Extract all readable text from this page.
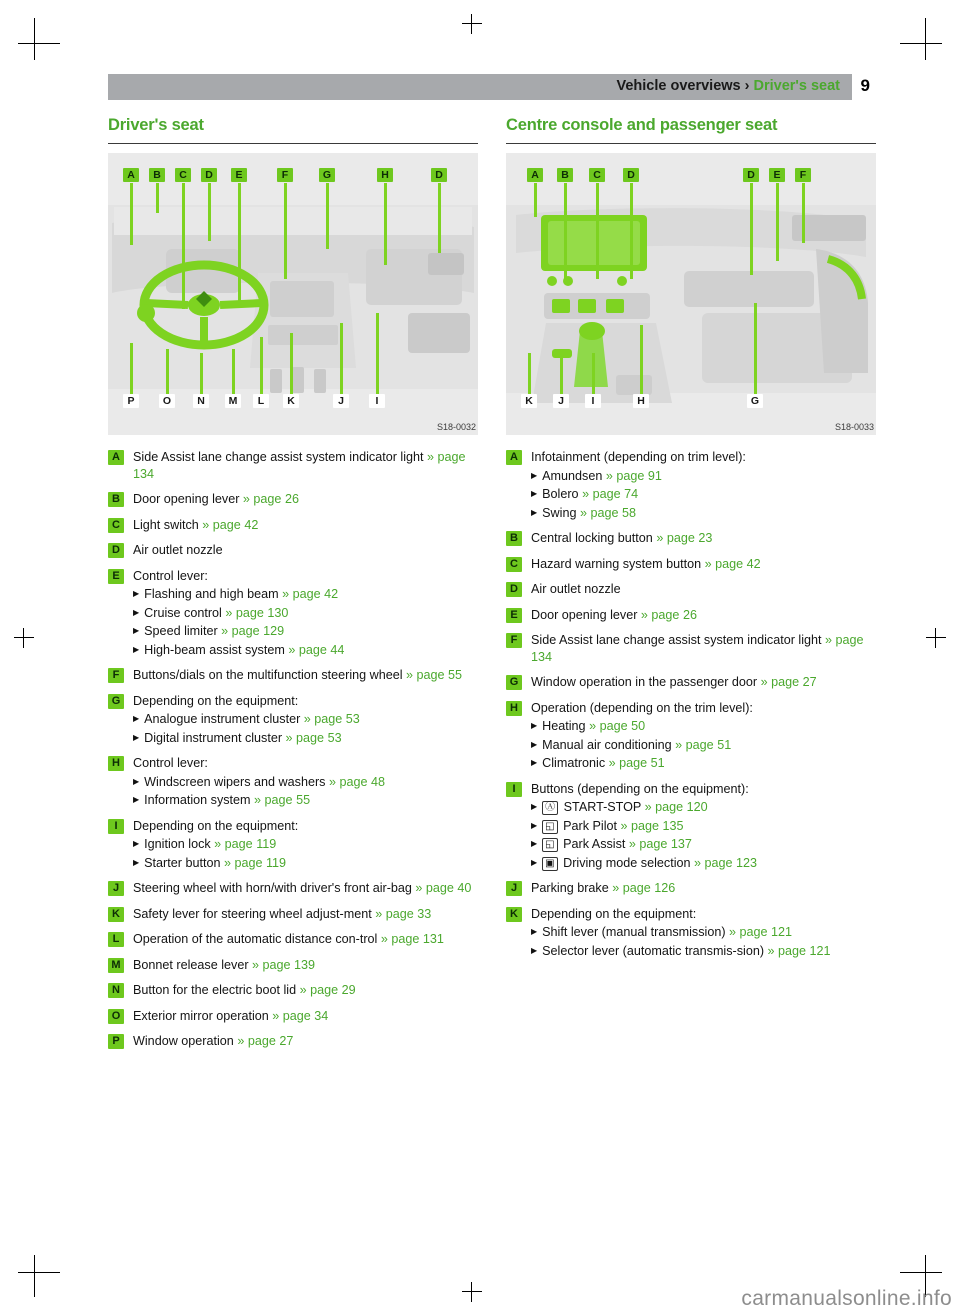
Vehicle overviews › Driver's seat 9
Driver's seat
A	B	C	D	E	F	G	H	D
P	O	N	M	L	K	J	I
S18-0032
A	Side Assist lane change assist system indicator light » page 134
B	Door opening lever » page 26
C	Light switch » page 42
D	Air outlet nozzle
E	Control lever:
▶ Flashing and high beam » page 42
▶ Cruise control » page 130
▶ Speed limiter » page 129
▶ High-beam assist system » page 44
F	Buttons/dials on the multifunction steering wheel » page 55
G Depending on the equipment:
▶ Analogue instrument cluster » page 53
▶ Digital instrument cluster » page 53
H	Control lever:
▶ Windscreen wipers and washers » page 48
▶ Information system » page 55
I	Depending on the equipment:
▶ Ignition lock » page 119
▶ Starter button » page 119
J	Steering wheel with horn/with driver's front air-bag » page 40
K	Safety lever for steering wheel adjust-ment » page 33
L	Operation of the automatic distance con-trol » page 131
M Bonnet release lever » page 139
N	Button for the electric boot lid » page 29
O Exterior mirror operation » page 34
P	Window operation » page 27
Centre console and passenger seat
A	B	C	D	D	E	F
K	J	I	H	G
S18-0033
A	Infotainment (depending on trim level):
▶ Amundsen » page 91
▶ Bolero » page 74
▶ Swing » page 58
B	Central locking button » page 23
C	Hazard warning system button » page 42
D	Air outlet nozzle
E	Door opening lever » page 26
F	Side Assist lane change assist system indicator light » page 134
G Window operation in the passenger door » page 27
H	Operation (depending on the trim level):
▶ Heating » page 50
▶ Manual air conditioning » page 51
▶ Climatronic » page 51
I	Buttons (depending on the equipment):
▶ Ⓐ START-STOP » page 120
▶ ◱ Park Pilot » page 135
▶ ◱ Park Assist » page 137
▶ ▣ Driving mode selection » page 123
J	Parking brake » page 126
K	Depending on the equipment:
▶ Shift lever (manual transmission) » page 121
▶ Selector lever (automatic transmis-sion) » page 121
carmanualsonline.info
